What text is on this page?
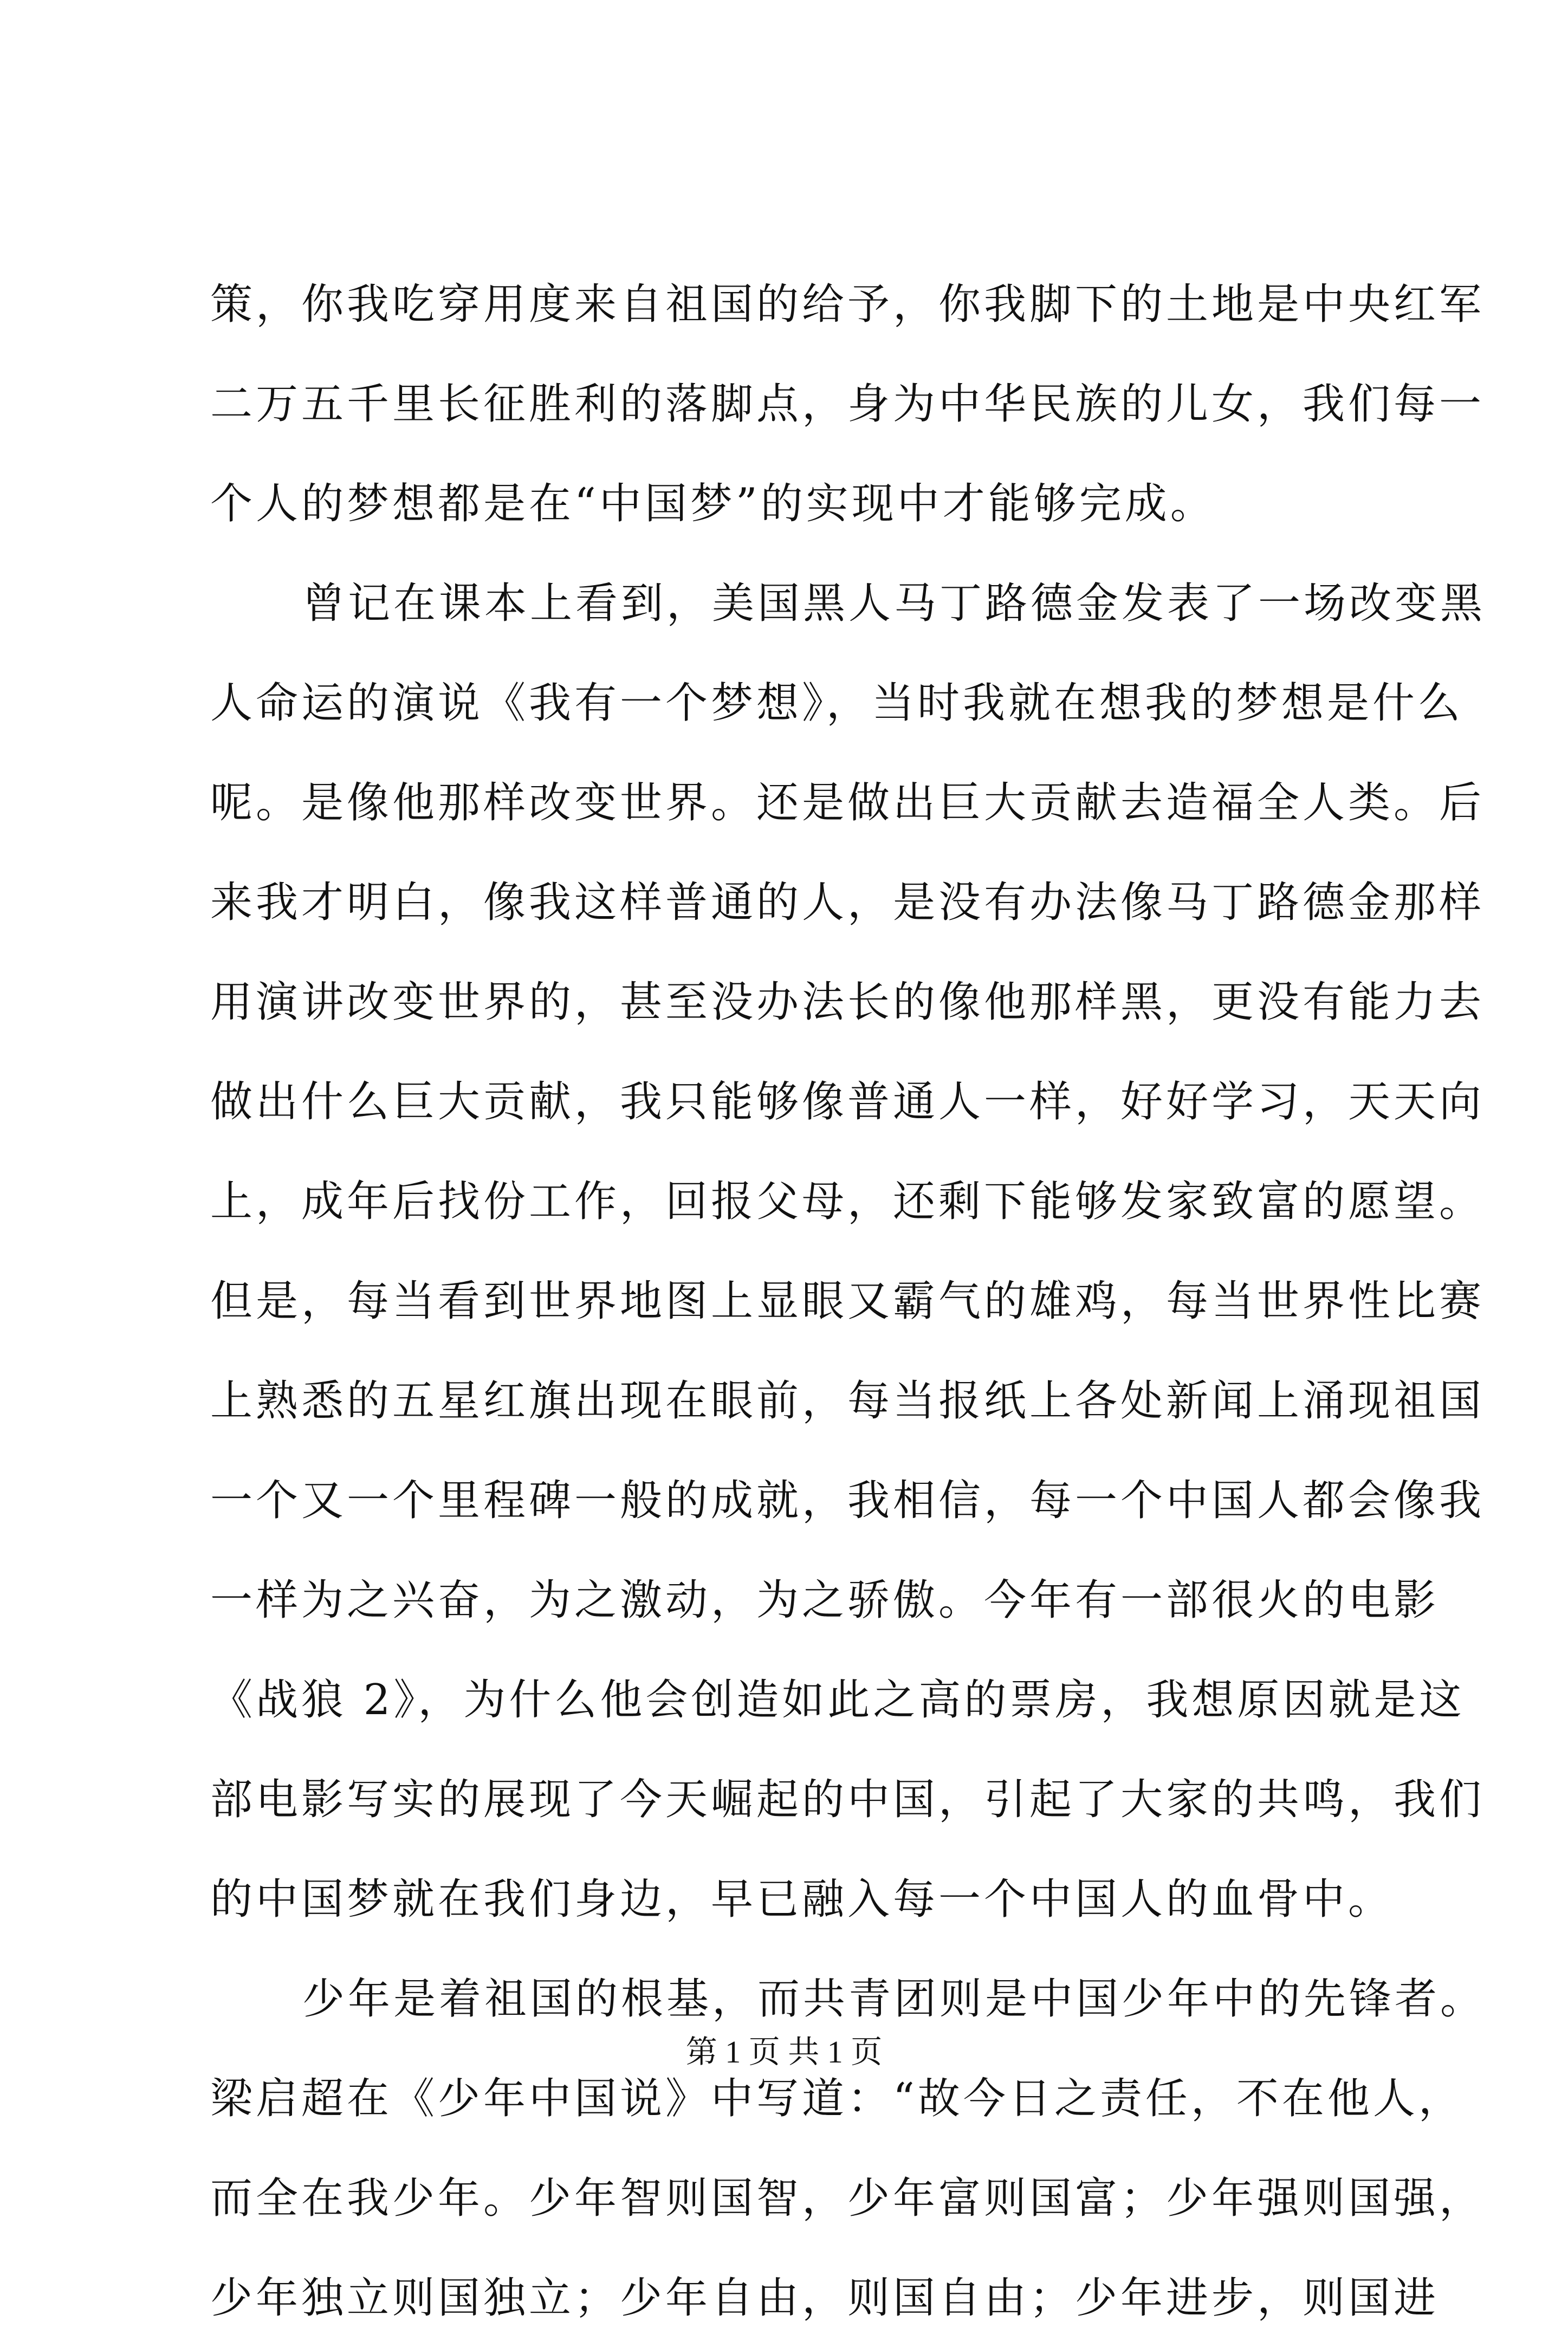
策，你我吃穿用度来自祖国的给予，你我脚下的土地是中央红军
二万五千里长征胜利的落脚点，身为中华民族的儿女，我们每一
个人的梦想都是在“中国梦”的实现中才能够完成。
曾记在课本上看到，美国黑人马丁路德金发表了一场改变黑
人命运的演说《我有一个梦想》，当时我就在想我的梦想是什么
呢。是像他那样改变世界。还是做出巨大贡献去造福全人类。后
来我才明白，像我这样普通的人，是没有办法像马丁路德金那样
用演讲改变世界的，甚至没办法长的像他那样黑，更没有能力去
做出什么巨大贡献，我只能够像普通人一样，好好学习，天天向
上，成年后找份工作，回报父母，还剩下能够发家致富的愿望。
但是，每当看到世界地图上显眼又霸气的雄鸡，每当世界性比赛
上熟悉的五星红旗出现在眼前，每当报纸上各处新闻上涌现祖国
一个又一个里程碑一般的成就，我相信，每一个中国人都会像我
一样为之兴奋，为之激动，为之骄傲。今年有一部很火的电影
《战狼 2》，为什么他会创造如此之高的票房，我想原因就是这
部电影写实的展现了今天崛起的中国，引起了大家的共鸣，我们
的中国梦就在我们身边，早已融入每一个中国人的血骨中。
少年是着祖国的根基，而共青团则是中国少年中的先锋者。
梁启超在《少年中国说》中写道：“故今日之责任，不在他人，
而全在我少年。少年智则国智，少年富则国富；少年强则国强，
少年独立则国独立；少年自由，则国自由；少年进步，则国进
第 1 页 共 1 页
